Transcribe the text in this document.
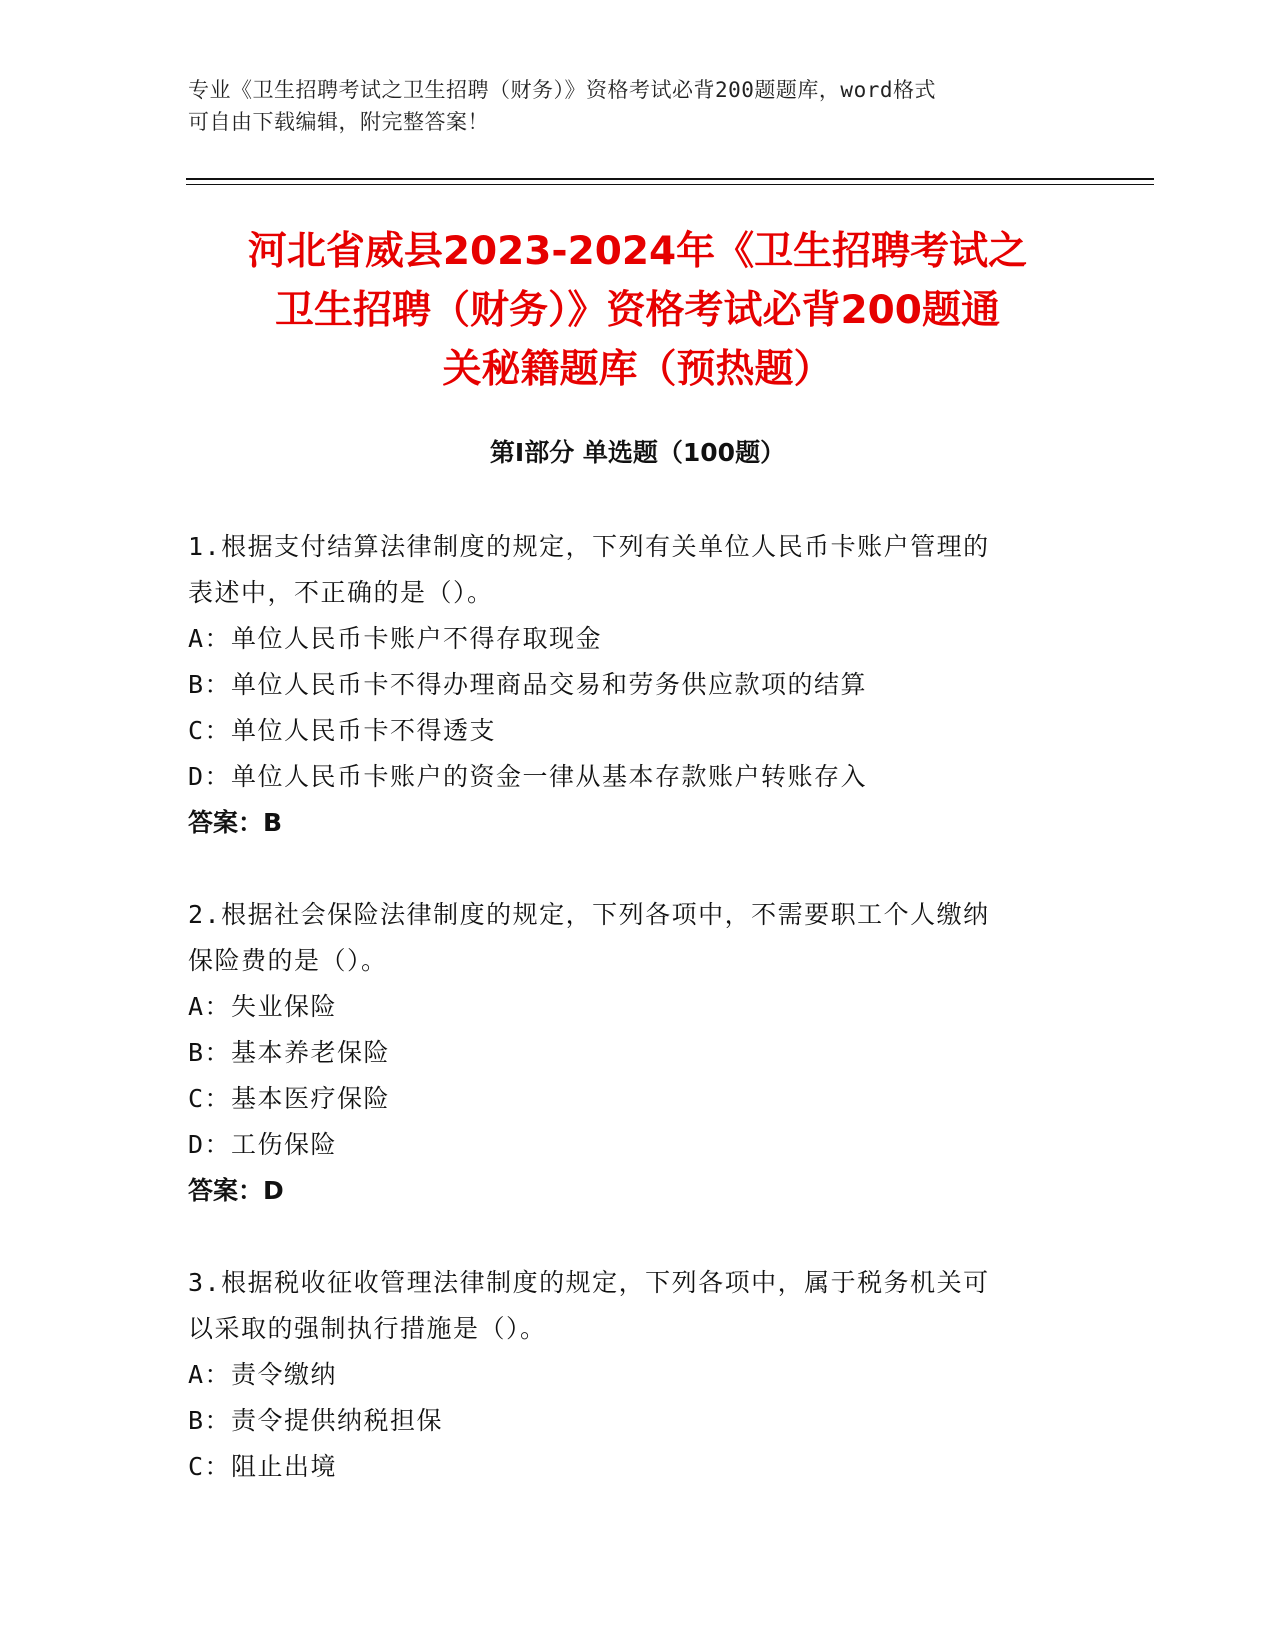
专业《卫生招聘考试之卫生招聘（财务）》资格考试必背200题题库，word格式
可自由下载编辑，附完整答案！
河北省威县2023-2024年《卫生招聘考试之
卫生招聘（财务）》资格考试必背200题通
关秘籍题库（预热题）
第Ⅰ部分 单选题（100题）
1.根据支付结算法律制度的规定，下列有关单位人民币卡账户管理的
表述中，不正确的是（）。
A：单位人民币卡账户不得存取现金
B：单位人民币卡不得办理商品交易和劳务供应款项的结算
C：单位人民币卡不得透支
D：单位人民币卡账户的资金一律从基本存款账户转账存入
答案：B
2.根据社会保险法律制度的规定，下列各项中，不需要职工个人缴纳
保险费的是（）。
A：失业保险
B：基本养老保险
C：基本医疗保险
D：工伤保险
答案：D
3.根据税收征收管理法律制度的规定，下列各项中，属于税务机关可
以采取的强制执行措施是（）。
A：责令缴纳
B：责令提供纳税担保
C：阻止出境
